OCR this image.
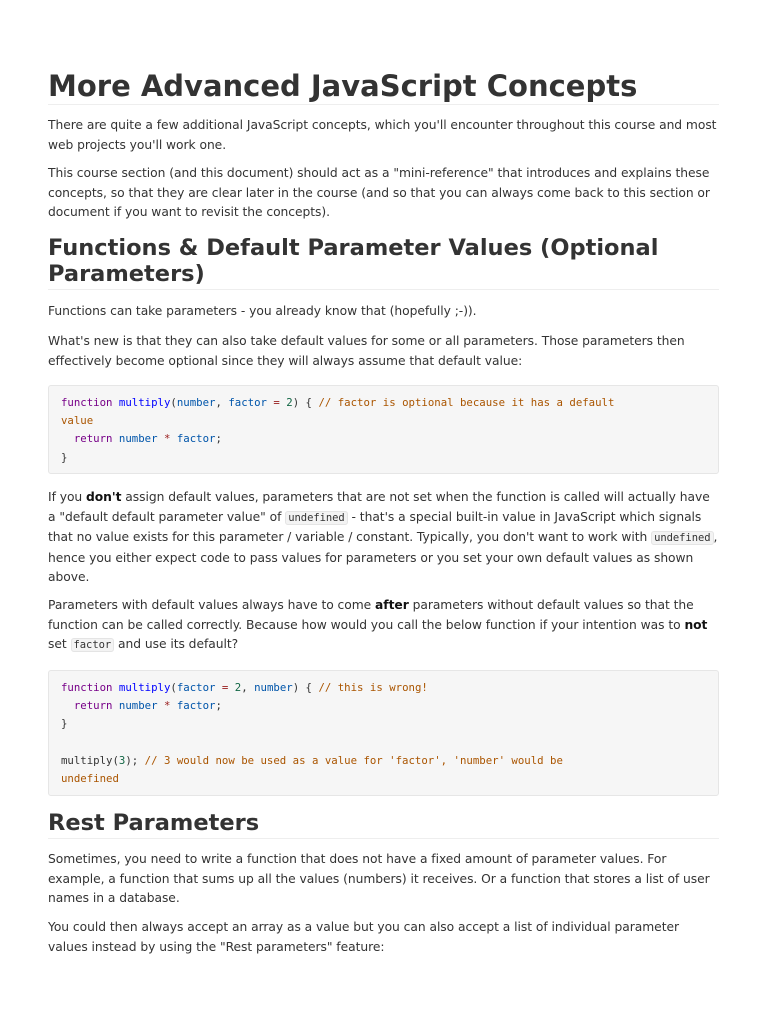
More Advanced JavaScript Concepts

There are quite a few additional JavaScript concepts, which you'll encounter throughout this course and most web projects you'll work one.

This course section (and this document) should act as a "mini-reference" that introduces and explains these concepts, so that they are clear later in the course (and so that you can always come back to this section or document if you want to revisit the concepts).

Functions & Default Parameter Values (Optional
Parameters)

Functions can take parameters - you already know that (hopefully ;-)).

What's new is that they can also take default values for some or all parameters. Those parameters then effectively become optional since they will always assume that default value:

function multiply(number, factor = 2) { // factor is optional because it has a default
value
return number * factor;
}

If you don't assign default values, parameters that are not set when the function is called will actually have a "default default parameter value" of undefined - that's a special built-in value in JavaScript which signals that no value exists for this parameter / variable / constant. Typically, you don't want to work with undefined , hence you either expect code to pass values for parameters or you set your own default values as shown above.

Parameters with default values always have to come after parameters without default values so that the function can be called correctly. Because how would you call the below function if your intention was to not set factor and use its default?

function multiply(factor = 2, number) { // this is wrong!
return number * factor;
}

multiply(3); // 3 would now be used as a value for 'factor', 'number' would be
undefined
Rest Parameters

Sometimes, you need to write a function that does not have a fixed amount of parameter values. For example, a function that sums up all the values (numbers) it receives. Or a function that stores a list of user names in a database.

You could then always accept an array as a value but you can also accept a list of individual parameter values instead by using the "Rest parameters" feature:
